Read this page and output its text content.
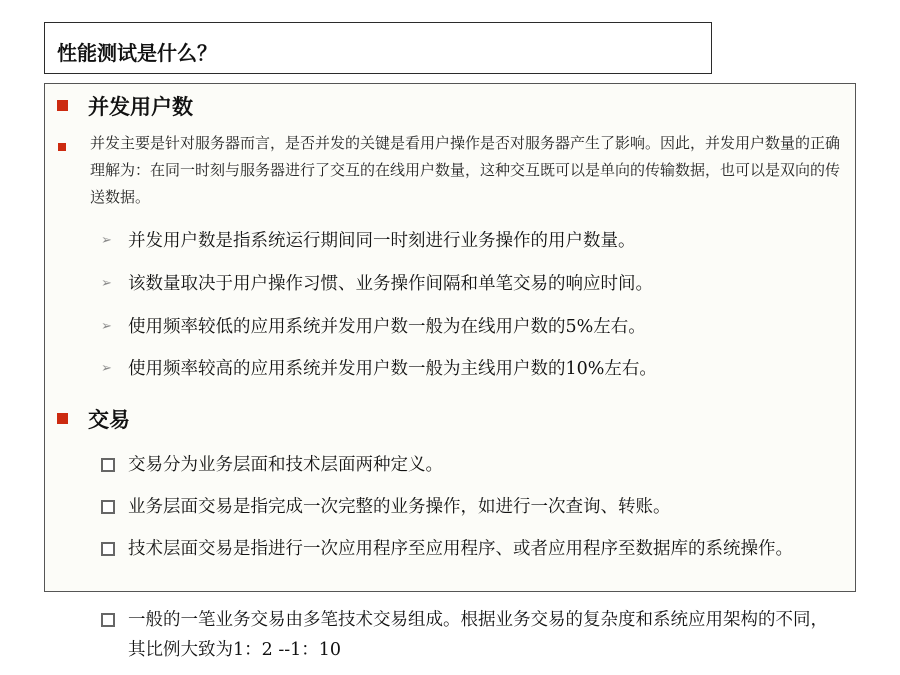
性能测试是什么？
并发用户数
并发主要是针对服务器而言，是否并发的关键是看用户操作是否对服务器产生了影响。因此，并发用户数量的正确理解为：在同一时刻与服务器进行了交互的在线用户数量，这种交互既可以是单向的传输数据，也可以是双向的传送数据。
➢ 并发用户数是指系统运行期间同一时刻进行业务操作的用户数量。
➢ 该数量取决于用户操作习惯、业务操作间隔和单笔交易的响应时间。
➢ 使用频率较低的应用系统并发用户数一般为在线用户数的5%左右。
➢ 使用频率较高的应用系统并发用户数一般为主线用户数的10%左右。
交易
交易分为业务层面和技术层面两种定义。
业务层面交易是指完成一次完整的业务操作，如进行一次查询、转账。
技术层面交易是指进行一次应用程序至应用程序、或者应用程序至数据库的系统操作。
一般的一笔业务交易由多笔技术交易组成。根据业务交易的复杂度和系统应用架构的不同，其比例大致为1：2 --1：10
